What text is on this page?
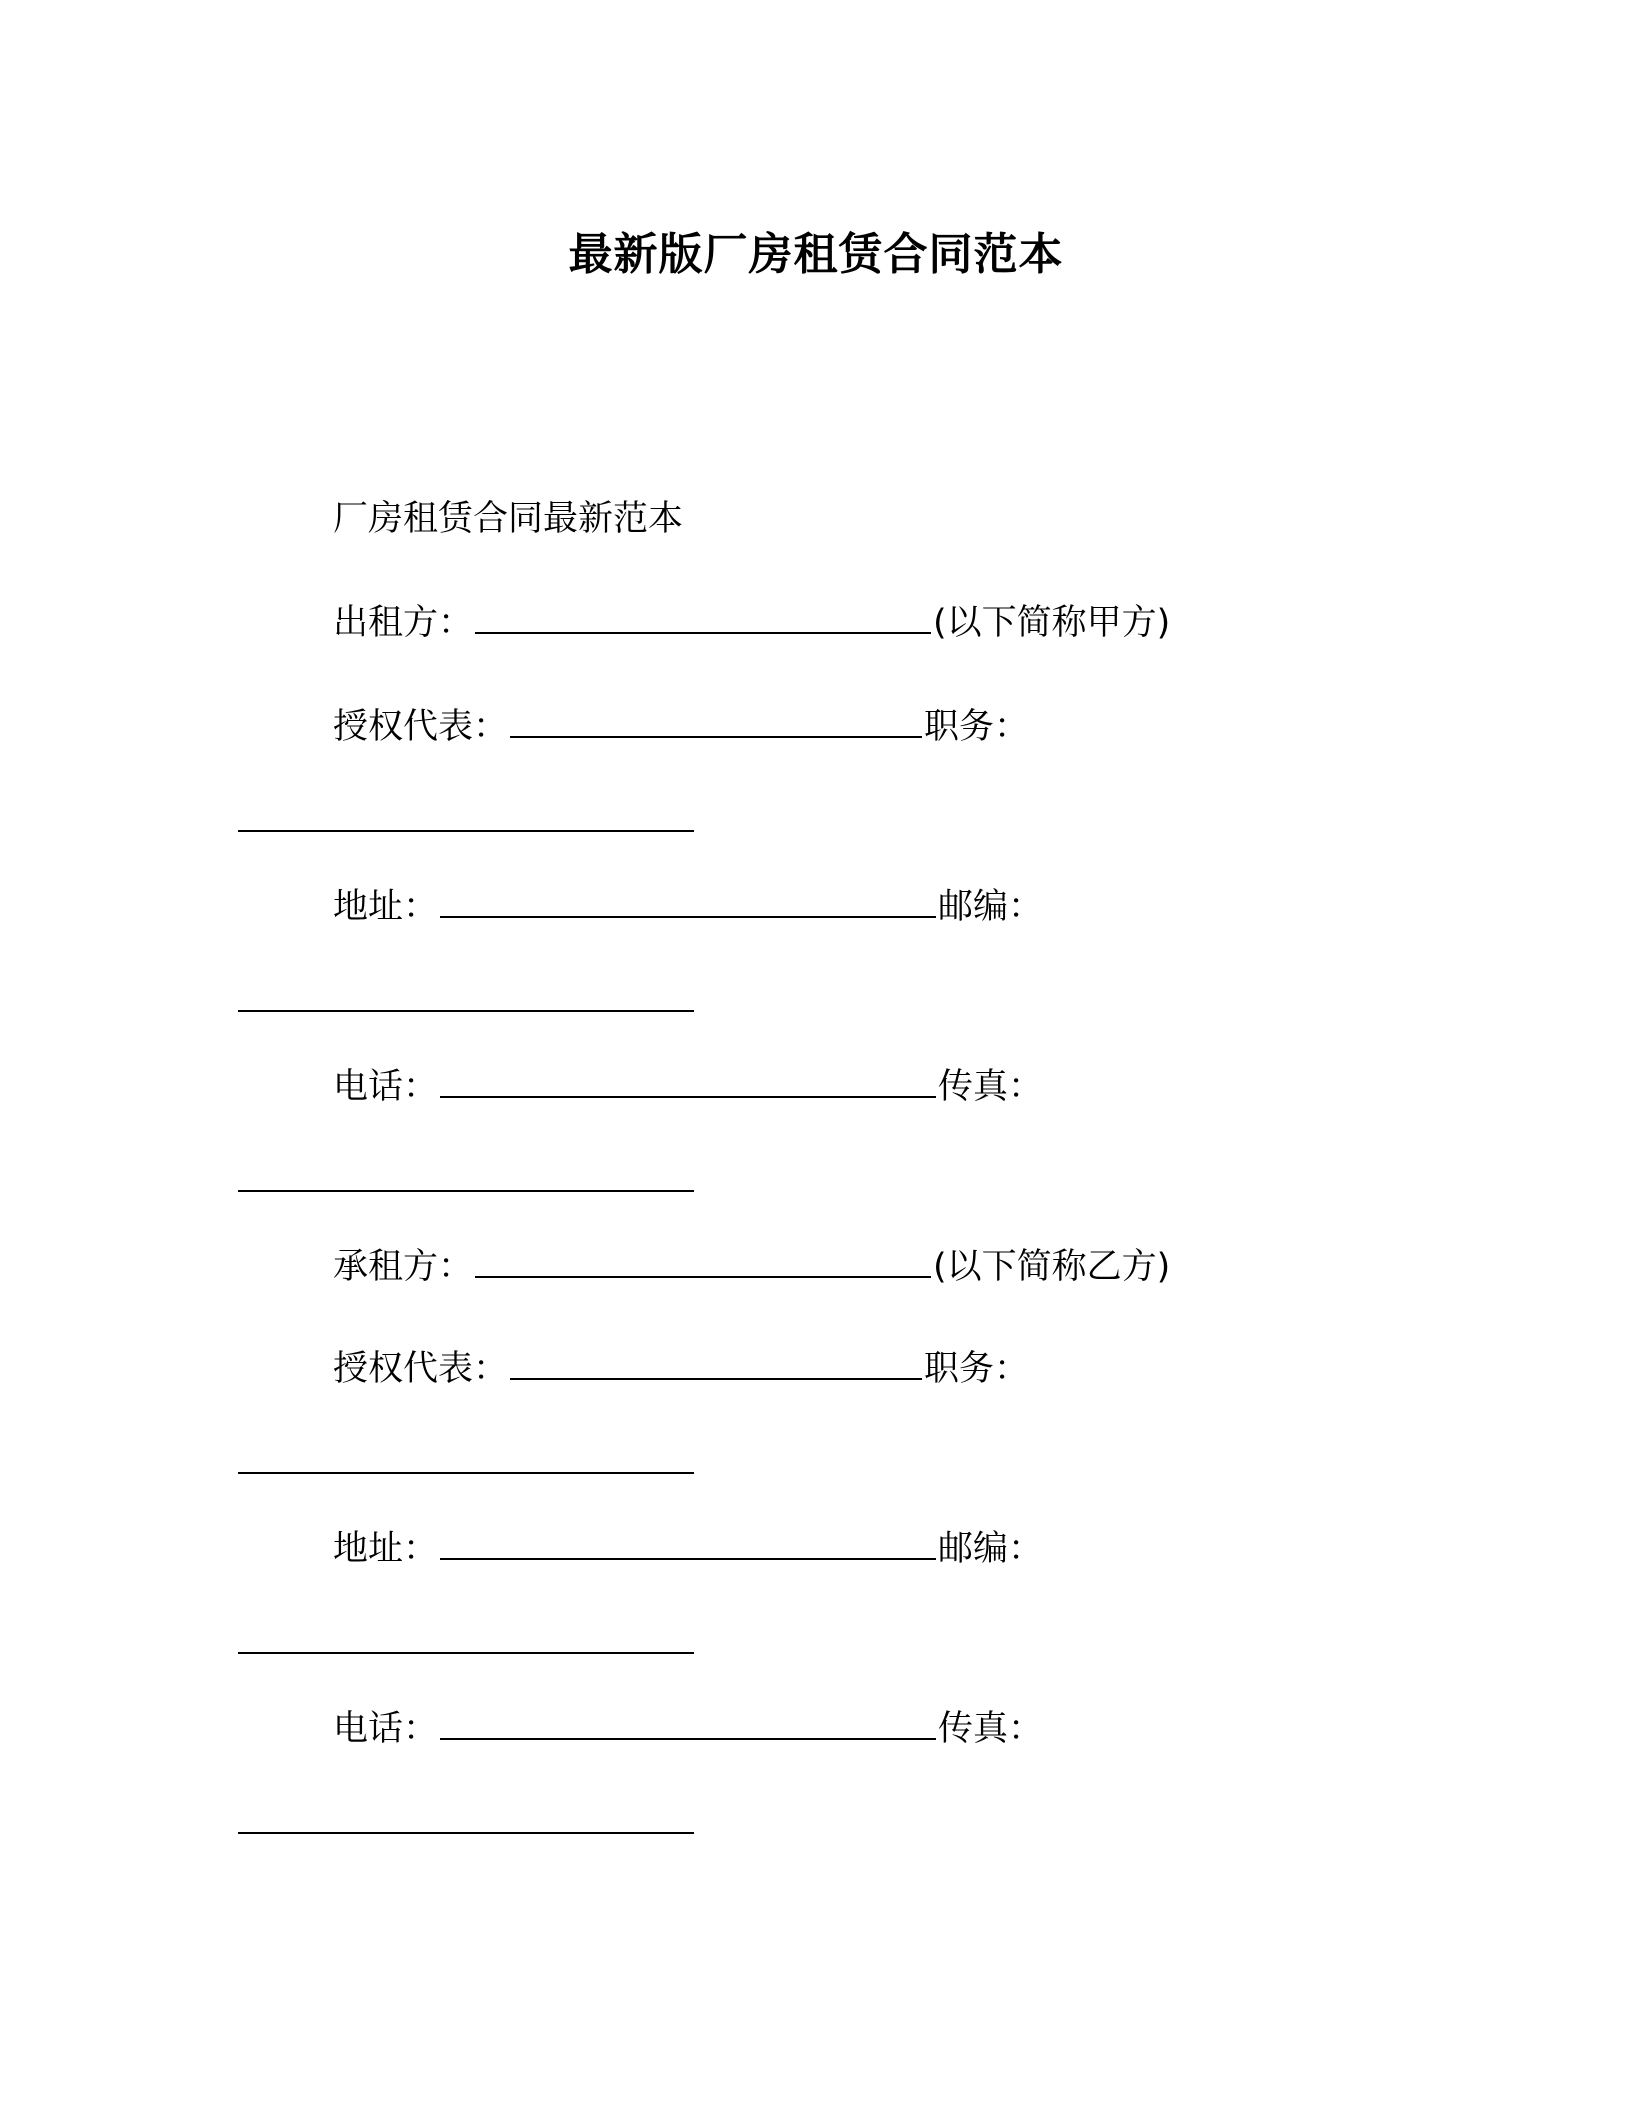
最新版厂房租赁合同范本
厂房租赁合同最新范本
出租方：	(以下简称甲方)
授权代表：	职务：
地址：	邮编：
电话：	传真：
承租方：	(以下简称乙方)
授权代表：	职务：
地址：	邮编：
电话：	传真：
